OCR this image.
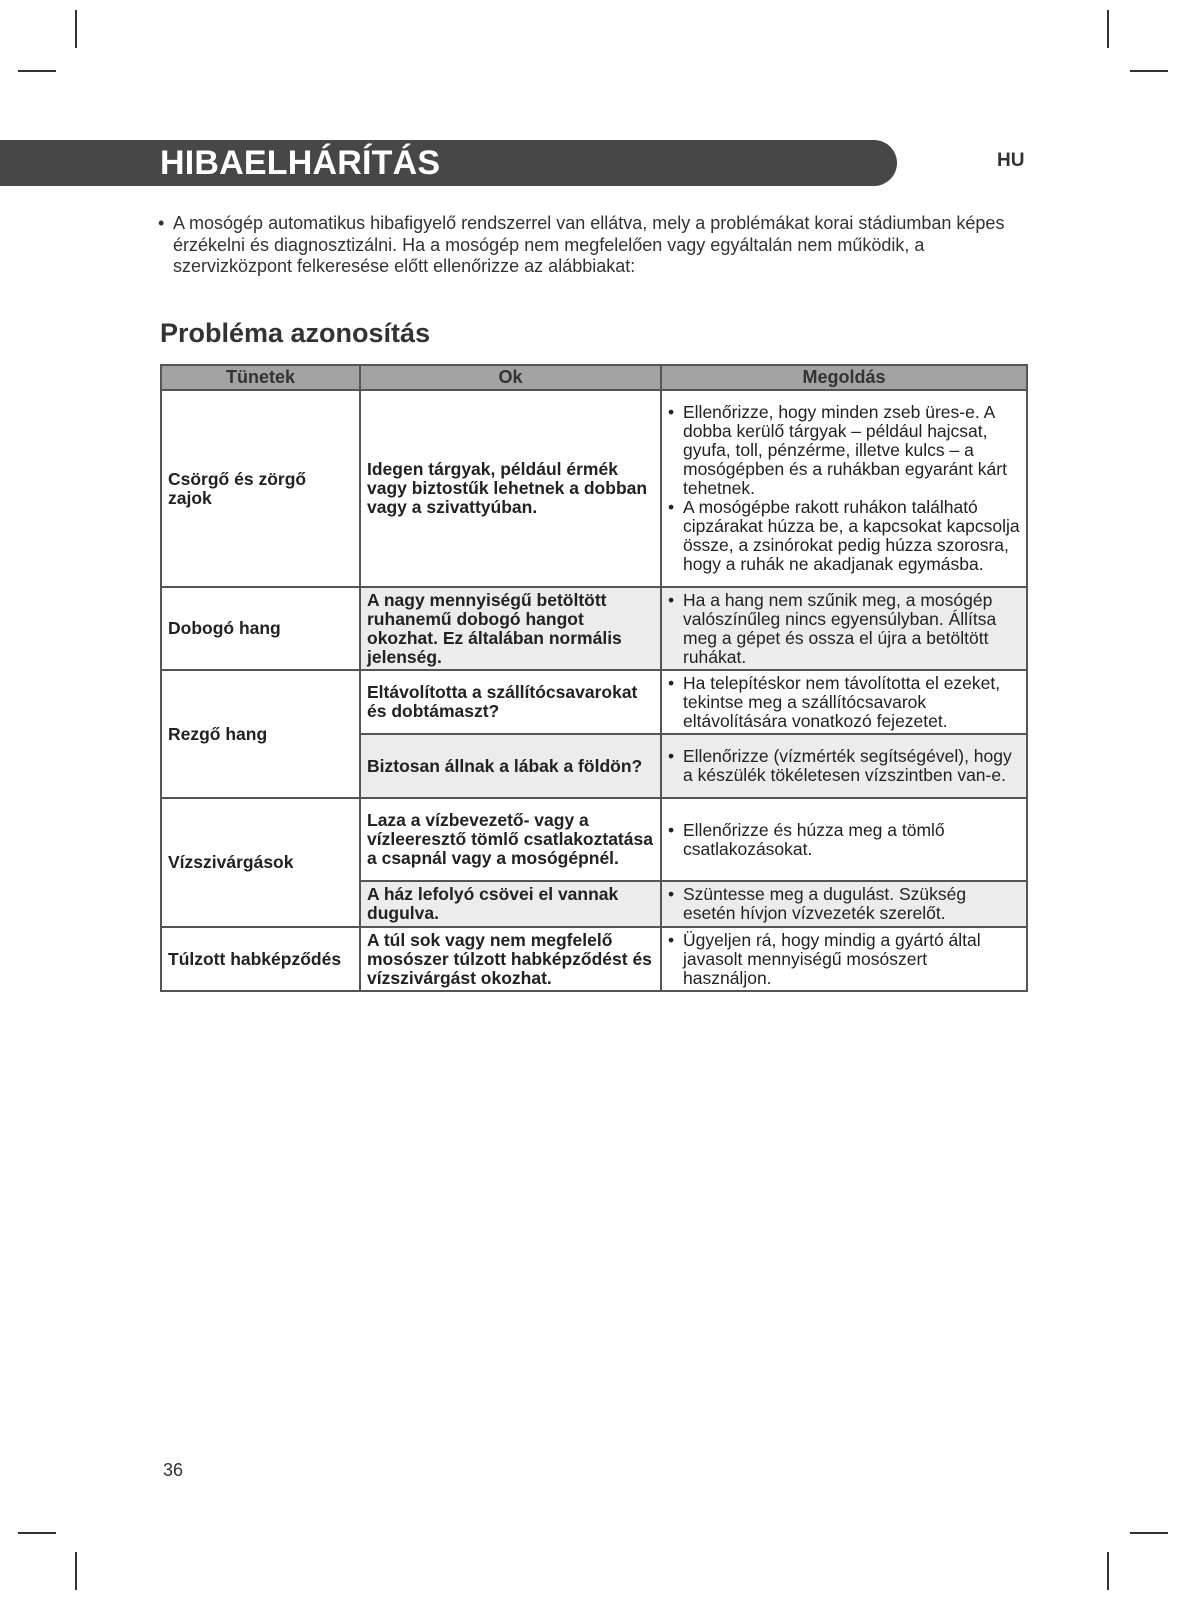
HIBAELHÁRÍTÁS	HU
• A mosógép automatikus hibafigyelő rendszerrel van ellátva, mely a problémákat korai stádiumban képes érzékelni és diagnosztizálni. Ha a mosógép nem megfelelően vagy egyáltalán nem működik, a szervizközpont felkeresése előtt ellenőrizze az alábbiakat:
Probléma azonosítás
Tünetek	Ok	Megoldás
Csörgő és zörgő zajok	Idegen tárgyak, például érmék vagy biztostűk lehetnek a dobban vagy a szivattyúban.	• Ellenőrizze, hogy minden zseb üres-e. A dobba kerülő tárgyak – például hajcsat, gyufa, toll, pénzérme, illetve kulcs – a mosógépben és a ruhákban egyaránt kárt tehetnek.
• A mosógépbe rakott ruhákon található cipzárakat húzza be, a kapcsokat kapcsolja össze, a zsinórokat pedig húzza szorosra, hogy a ruhák ne akadjanak egymásba.

Dobogó hang	A nagy mennyiségű betöltött ruhanemű dobogó hangot okozhat. Ez általában normális jelenség.	• Ha a hang nem szűnik meg, a mosógép valószínűleg nincs egyensúlyban. Állítsa meg a gépet és ossza el újra a betöltött ruhákat.

Rezgő hang	Eltávolította a szállítócsavarokat és dobtámaszt?	• Ha telepítéskor nem távolította el ezeket, tekintse meg a szállítócsavarok eltávolítására vonatkozó fejezetet.

	Biztosan állnak a lábak a földön?	• Ellenőrizze (vízmérték segítségével), hogy a készülék tökéletesen vízszintben van-e.

Vízszivárgások	Laza a vízbevezető- vagy a vízleeresztő tömlő csatlakoztatása a csapnál vagy a mosógépnél.	• Ellenőrizze és húzza meg a tömlő csatlakozásokat.

	A ház lefolyó csövei el vannak dugulva.	• Szüntesse meg a dugulást. Szükség esetén hívjon vízvezeték szerelőt.

Túlzott habképződés	A túl sok vagy nem megfelelő mosószer túlzott habképződést és vízszivárgást okozhat.	• Ügyeljen rá, hogy mindig a gyártó által javasolt mennyiségű mosószert használjon.
36
